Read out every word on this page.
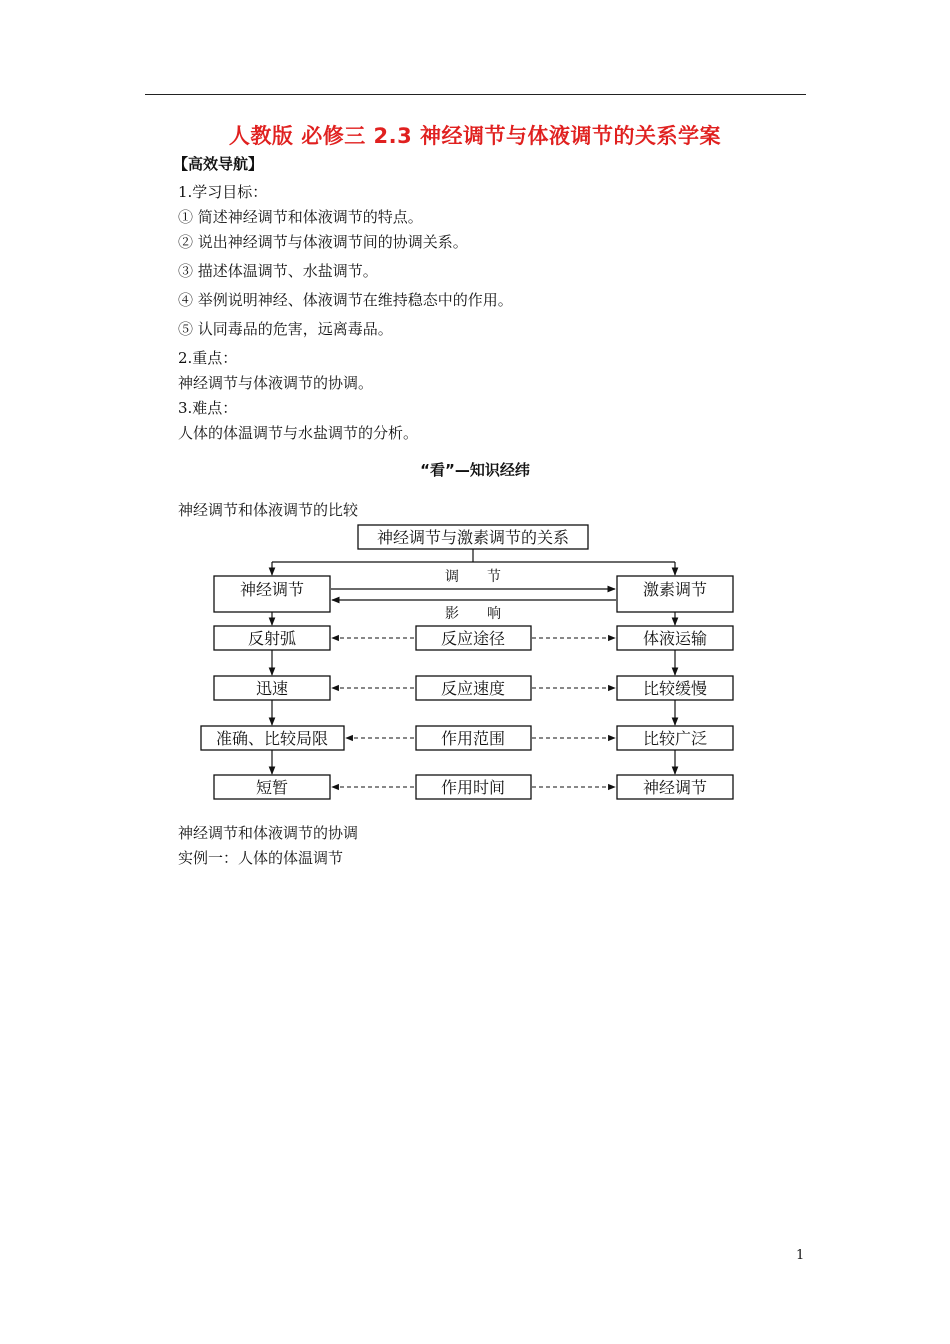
人教版 必修三 2.3 神经调节与体液调节的关系学案
【高效导航】
1.学习目标：
① 简述神经调节和体液调节的特点。
② 说出神经调节与体液调节间的协调关系。
③ 描述体温调节、水盐调节。
④ 举例说明神经、体液调节在维持稳态中的作用。
⑤ 认同毒品的危害，远离毒品。
2.重点：
神经调节与体液调节的协调。
3.难点：
人体的体温调节与水盐调节的分析。
“看”—知识经纬
神经调节和体液调节的比较
神经调节与激素调节的关系
神经调节	激素调节
调　　节
影　　响
反射弧	反应途径	体液运输
迅速	反应速度	比较缓慢
准确、比较局限	作用范围	比较广泛
短暂	作用时间	神经调节
神经调节和体液调节的协调
实例一：人体的体温调节
1
